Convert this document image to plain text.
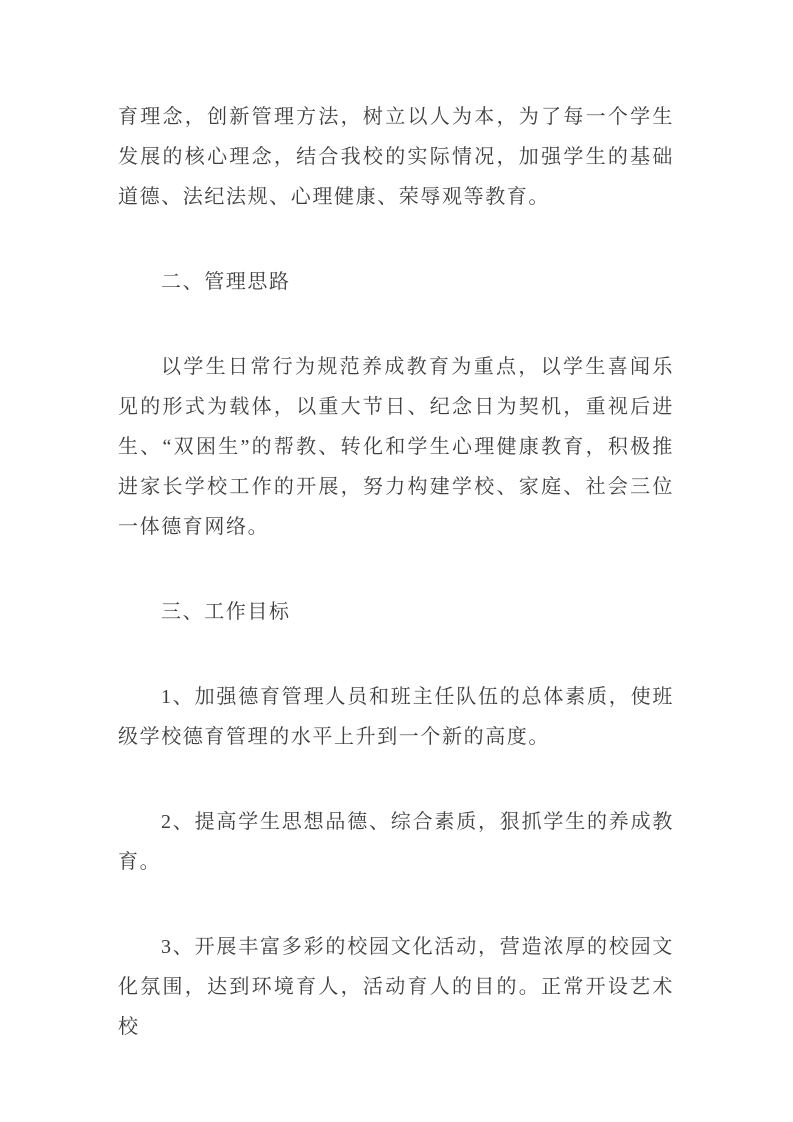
育理念，创新管理方法，树立以人为本，为了每一个学生发展的核心理念，结合我校的实际情况，加强学生的基础道德、法纪法规、心理健康、荣辱观等教育。

二、管理思路

以学生日常行为规范养成教育为重点，以学生喜闻乐见的形式为载体，以重大节日、纪念日为契机，重视后进生、“双困生”的帮教、转化和学生心理健康教育，积极推进家长学校工作的开展，努力构建学校、家庭、社会三位一体德育网络。

三、工作目标

1、加强德育管理人员和班主任队伍的总体素质，使班级学校德育管理的水平上升到一个新的高度。

2、提高学生思想品德、综合素质，狠抓学生的养成教育。

3、开展丰富多彩的校园文化活动，营造浓厚的校园文化氛围，达到环境育人，活动育人的目的。正常开设艺术校
